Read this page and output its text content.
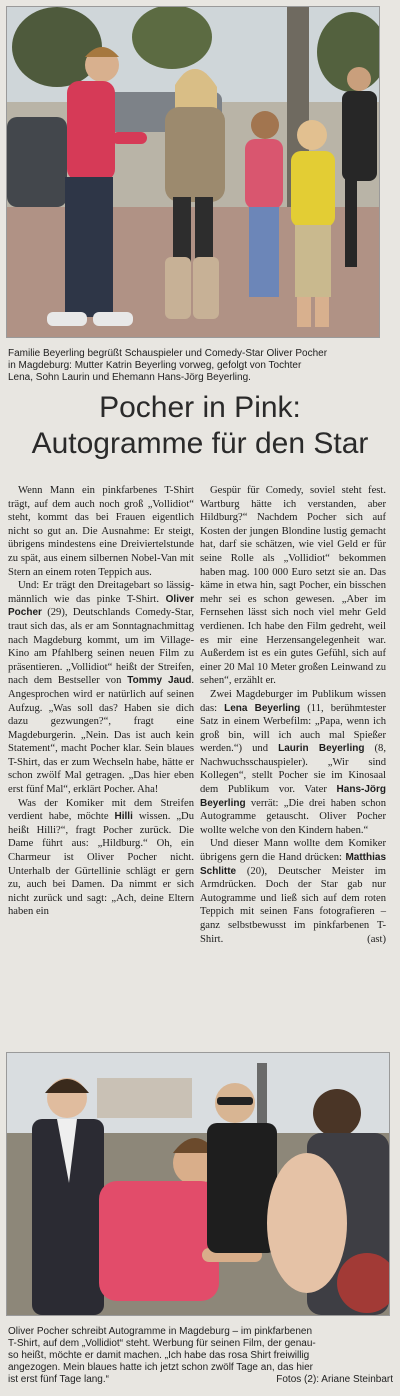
Familie Beyerling begrüßt Schauspieler und Comedy-Star Oliver Pocher
in Magdeburg: Mutter Katrin Beyerling vorweg, gefolgt von Tochter
Lena, Sohn Laurin und Ehemann Hans-Jörg Beyerling.
Pocher in Pink:
Autogramme für den Star

Wenn Mann ein pinkfarbenes T-Shirt trägt, auf dem auch noch groß „Vollidiot“ steht, kommt das bei Frauen eigentlich nicht so gut an. Die Ausnahme: Er steigt, übrigens mindestens eine Dreiviertelstunde zu spät, aus einem silbernen Nobel-Van mit Stern an einem roten Teppich aus.

Und: Er trägt den Dreitagebart so lässig-männlich wie das pinke T-Shirt. Oliver Pocher (29), Deutschlands Comedy-Star, traut sich das, als er am Sonntagnachmittag nach Magdeburg kommt, um im Village-Kino am Pfahlberg seinen neuen Film zu präsentieren. „Vollidiot“ heißt der Streifen, nach dem Bestseller von Tommy Jaud. Angesprochen wird er natürlich auf seinen Aufzug. „Was soll das? Haben sie dich dazu gezwungen?“, fragt eine Magdeburgerin. „Nein. Das ist auch kein Statement“, macht Pocher klar. Sein blaues T-Shirt, das er zum Wechseln habe, hätte er schon zwölf Mal getragen. „Das hier eben erst fünf Mal“, erklärt Pocher. Aha!

Was der Komiker mit dem Streifen verdient habe, möchte Hilli wissen. „Du heißt Hilli?“, fragt Pocher zurück. Die Dame führt aus: „Hildburg.“ Oh, ein Charmeur ist Oliver Pocher nicht. Unterhalb der Gürtellinie schlägt er gern zu, auch bei Damen. Da nimmt er sich nicht zurück und sagt: „Ach, deine Eltern haben ein

Gespür für Comedy, soviel steht fest. Wartburg hätte ich verstanden, aber Hildburg?“ Nachdem Pocher sich auf Kosten der jungen Blondine lustig gemacht hat, darf sie schätzen, wie viel Geld er für seine Rolle als „Vollidiot“ bekommen haben mag. 100 000 Euro setzt sie an. Das käme in etwa hin, sagt Pocher, ein bisschen mehr sei es schon gewesen. „Aber im Fernsehen lässt sich noch viel mehr Geld verdienen. Ich habe den Film gedreht, weil es mir eine Herzensangelegenheit war. Außerdem ist es ein gutes Gefühl, sich auf einer 20 Mal 10 Meter großen Leinwand zu sehen“, erzählt er.

Zwei Magdeburger im Publikum wissen das: Lena Beyerling (11, berühmtester Satz in einem Werbefilm: „Papa, wenn ich groß bin, will ich auch mal Spießer werden.“) und Laurin Beyerling (8, Nachwuchsschauspieler). „Wir sind Kollegen“, stellt Pocher sie im Kinosaal dem Publikum vor. Vater Hans-Jörg Beyerling verrät: „Die drei haben schon Autogramme getauscht. Oliver Pocher wollte welche von den Kindern haben.“

Und dieser Mann wollte dem Komiker übrigens gern die Hand drücken: Matthias Schlitte (20), Deutscher Meister im Armdrücken. Doch der Star gab nur Autogramme und ließ sich auf dem roten Teppich mit seinen Fans fotografieren – ganz selbstbewusst im pinkfarbenen T-Shirt.	(ast)

Oliver Pocher schreibt Autogramme in Magdeburg – im pinkfarbenen
T-Shirt, auf dem „Vollidiot“ steht. Werbung für seinen Film, der genau-
so heißt, möchte er damit machen. „Ich habe das rosa Shirt freiwillig
angezogen. Mein blaues hatte ich jetzt schon zwölf Tage an, das hier
ist erst fünf Tage lang.“	Fotos (2): Ariane Steinbart
